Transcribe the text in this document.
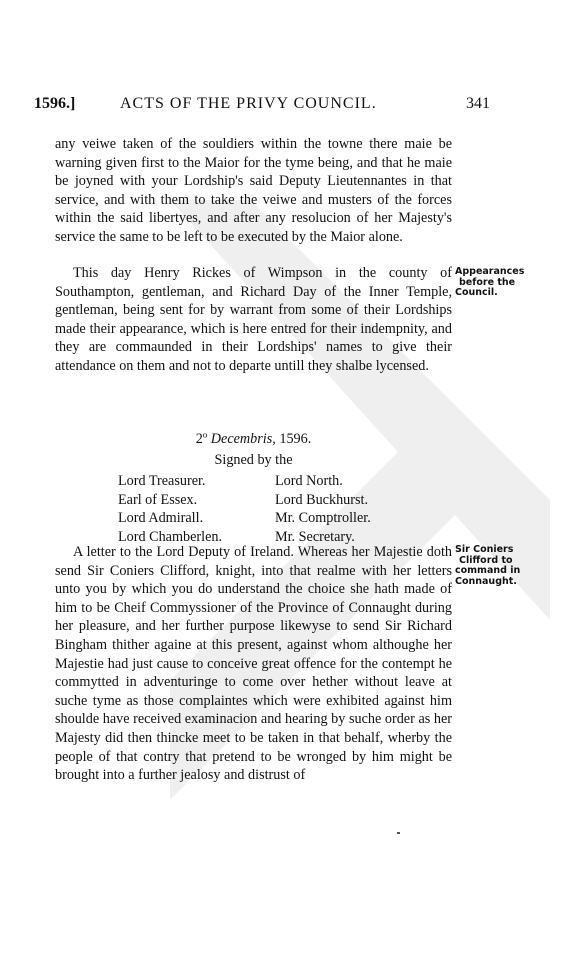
1596.]	ACTS OF THE PRIVY COUNCIL.	341

any veiwe taken of the souldiers within the towne there maie be warning given first to the Maior for the tyme being, and that he maie be joyned with your Lordship's said Deputy Lieutennantes in that service, and with them to take the veiwe and musters of the forces within the said libertyes, and after any resolucion of her Majesty's service the same to be left to be executed by the Maior alone.

This day Henry Rickes of Wimpson in the county of Southampton, gentleman, and Richard Day of the Inner Temple, gentleman, being sent for by warrant from some of their Lordships made their appearance, which is here entred for their indempnity, and they are commaunded in their Lordships' names to give their attendance on them and not to departe untill they shalbe lycensed.

Appearances
before the
Council.
2º Decembris, 1596.
Signed by the
Lord Treasurer.	Lord North.
Earl of Essex.	Lord Buckhurst.
Lord Admirall.	Mr. Comptroller.
Lord Chamberlen.	Mr. Secretary.

A letter to the Lord Deputy of Ireland. Whereas her Majestie doth send Sir Coniers Clifford, knight, into that realme with her letters unto you by which you do understand the choice she hath made of him to be Cheif Commyssioner of the Province of Connaught during her pleasure, and her further purpose likewyse to send Sir Richard Bingham thither againe at this present, against whom althoughe her Majestie had just cause to conceive great offence for the contempt he commytted in adventuringe to come over hether without leave at suche tyme as those complaintes which were exhibited against him shoulde have received examinacion and hearing by suche order as her Majesty did then thincke meet to be taken in that behalf, wherby the people of that contry that pretend to be wronged by him might be brought into a further jealosy and distrust of

Sir Coniers
Clifford to
command in
Connaught.
